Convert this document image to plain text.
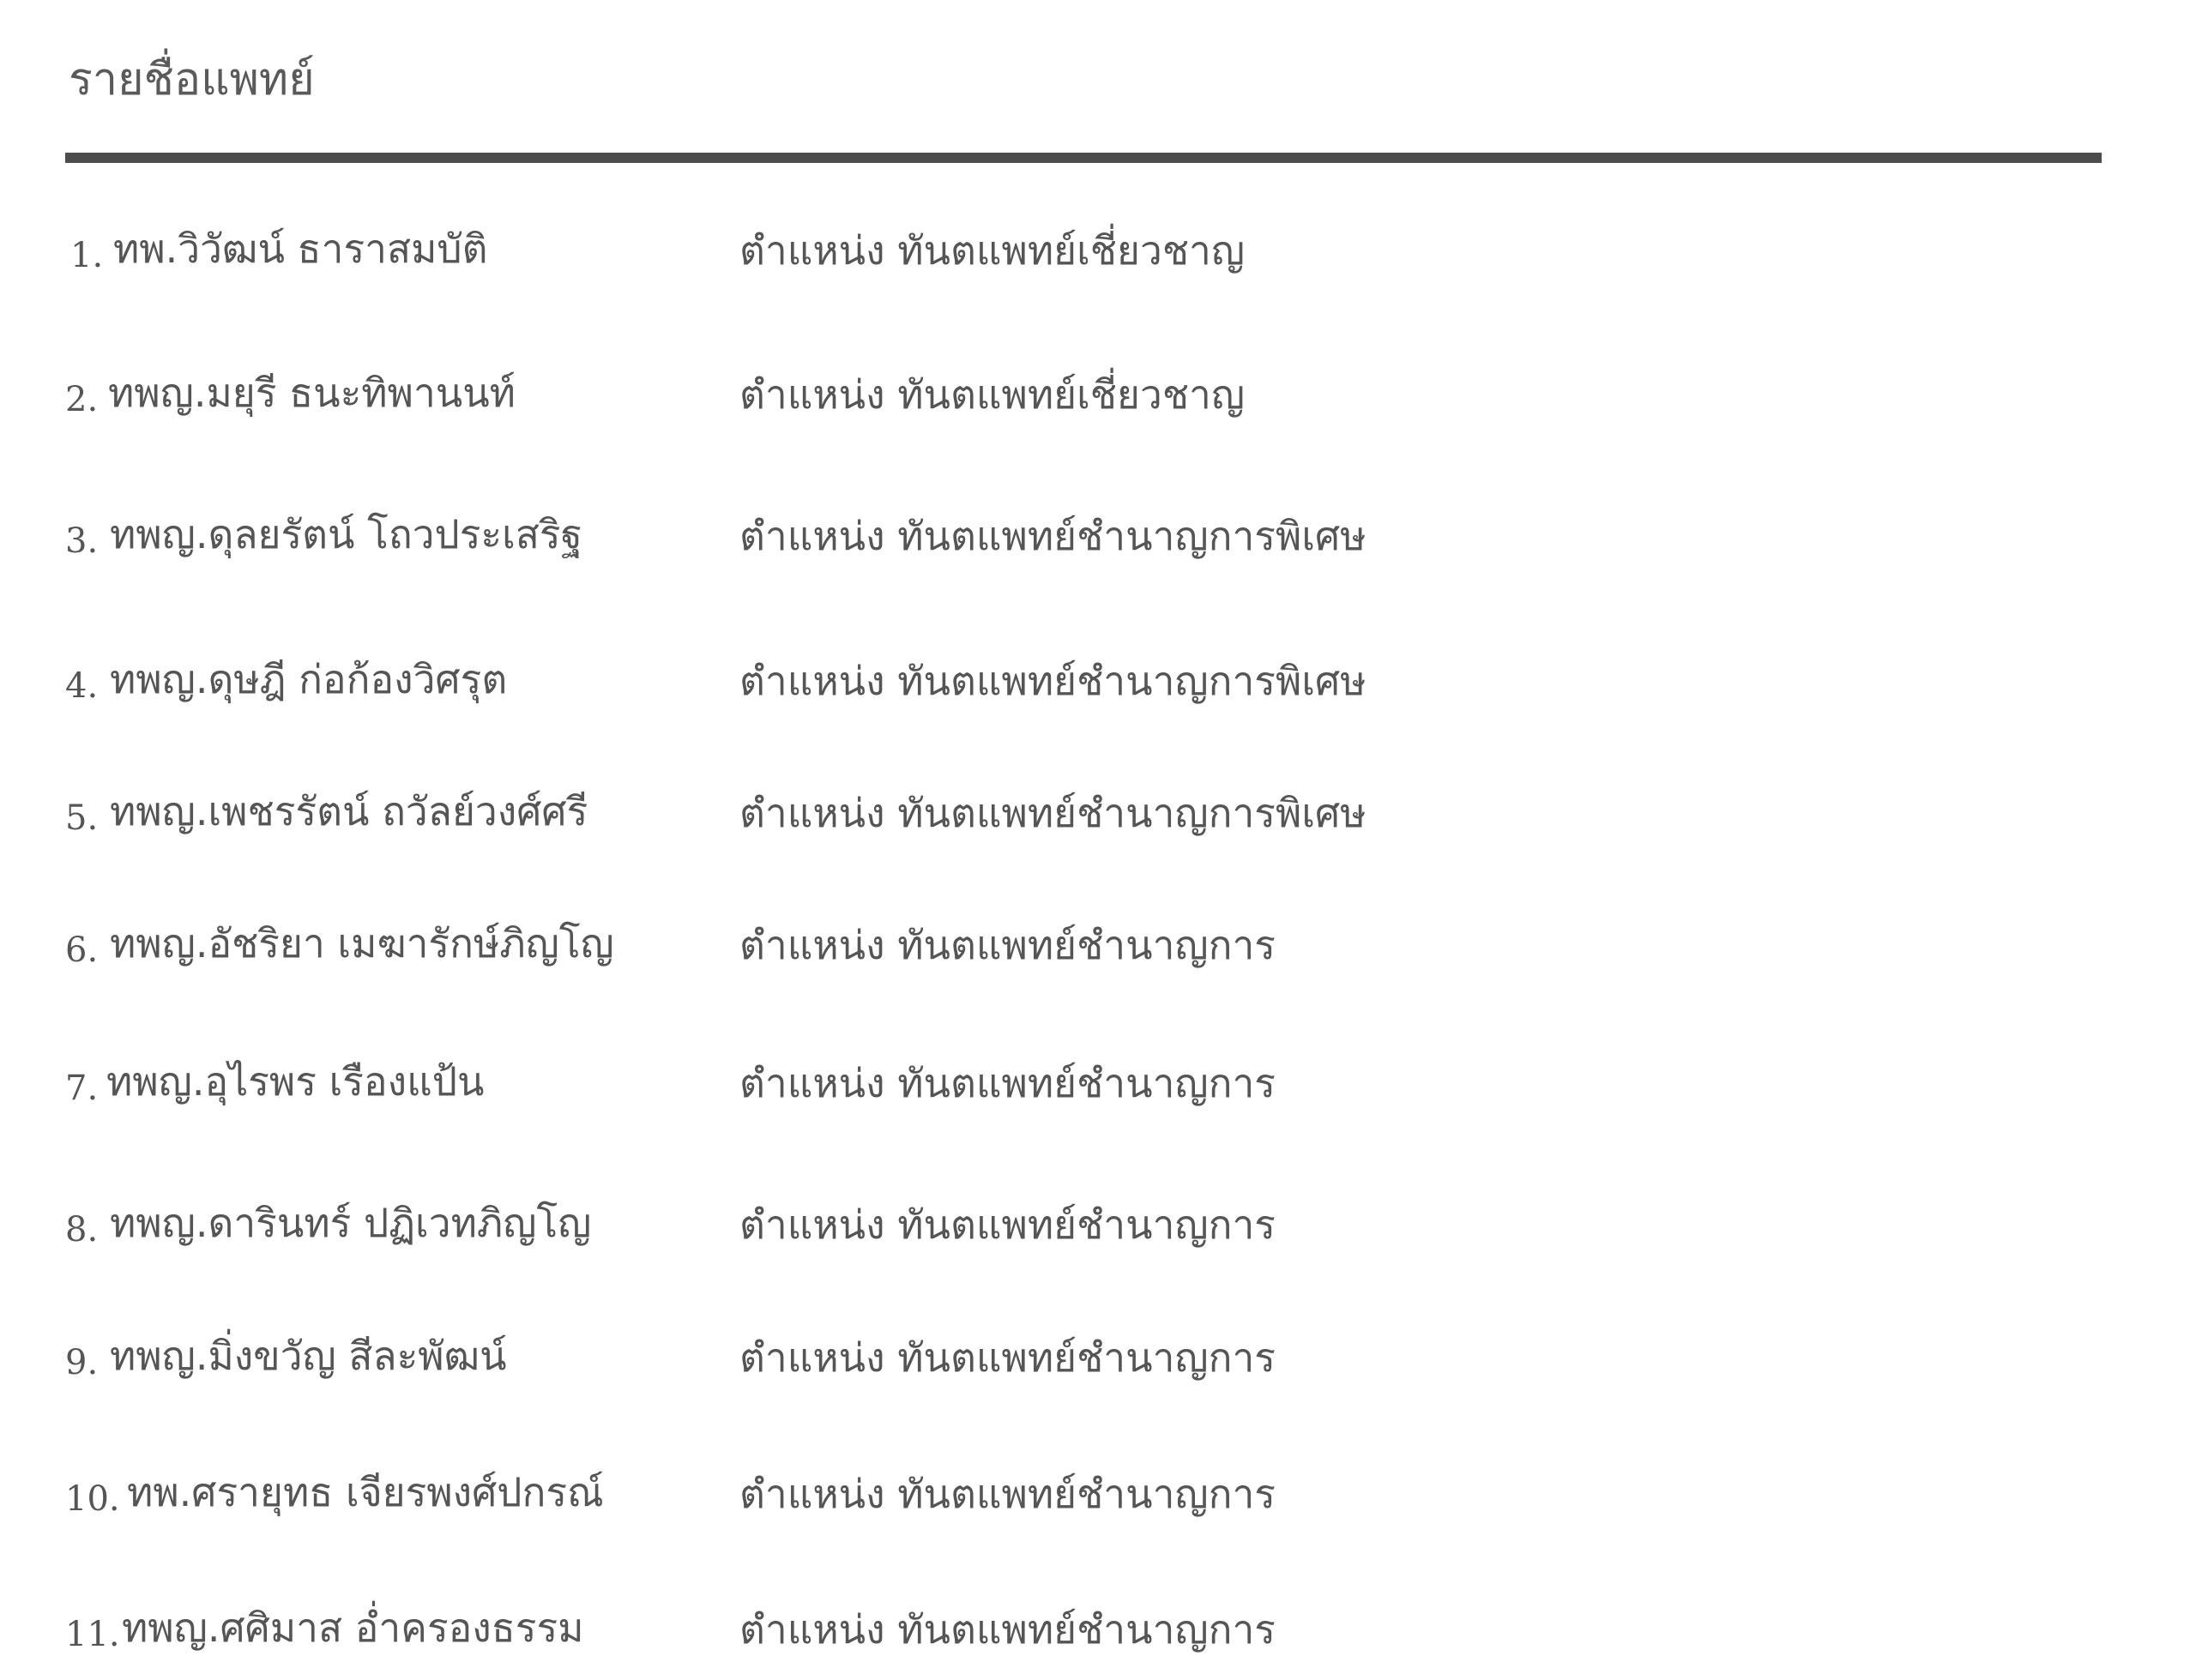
รายชื่อแพทย์
1. ทพ.วิวัฒน์ ธาราสมบัติ	ตำแหน่ง ทันตแพทย์เชี่ยวชาญ
2. ทพญ.มยุรี ธนะทิพานนท์	ตำแหน่ง ทันตแพทย์เชี่ยวชาญ
3. ทพญ.ดุลยรัตน์ โถวประเสริฐ	ตำแหน่ง ทันตแพทย์ชำนาญการพิเศษ
4. ทพญ.ดุษฎี ก่อก้องวิศรุต	ตำแหน่ง ทันตแพทย์ชำนาญการพิเศษ
5. ทพญ.เพชรรัตน์ ถวัลย์วงศ์ศรี	ตำแหน่ง ทันตแพทย์ชำนาญการพิเศษ
6. ทพญ.อัชริยา เมฆารักษ์ภิญโญ	ตำแหน่ง ทันตแพทย์ชำนาญการ
7. ทพญ.อุไรพร เรืองแป้น	ตำแหน่ง ทันตแพทย์ชำนาญการ
8. ทพญ.ดารินทร์ ปฏิเวทภิญโญ	ตำแหน่ง ทันตแพทย์ชำนาญการ
9. ทพญ.มิ่งขวัญ สีละพัฒน์	ตำแหน่ง ทันตแพทย์ชำนาญการ
10. ทพ.ศรายุทธ เจียรพงศ์ปกรณ์	ตำแหน่ง ทันตแพทย์ชำนาญการ
11. ทพญ.ศศิมาส อ่ำครองธรรม	ตำแหน่ง ทันตแพทย์ชำนาญการ
